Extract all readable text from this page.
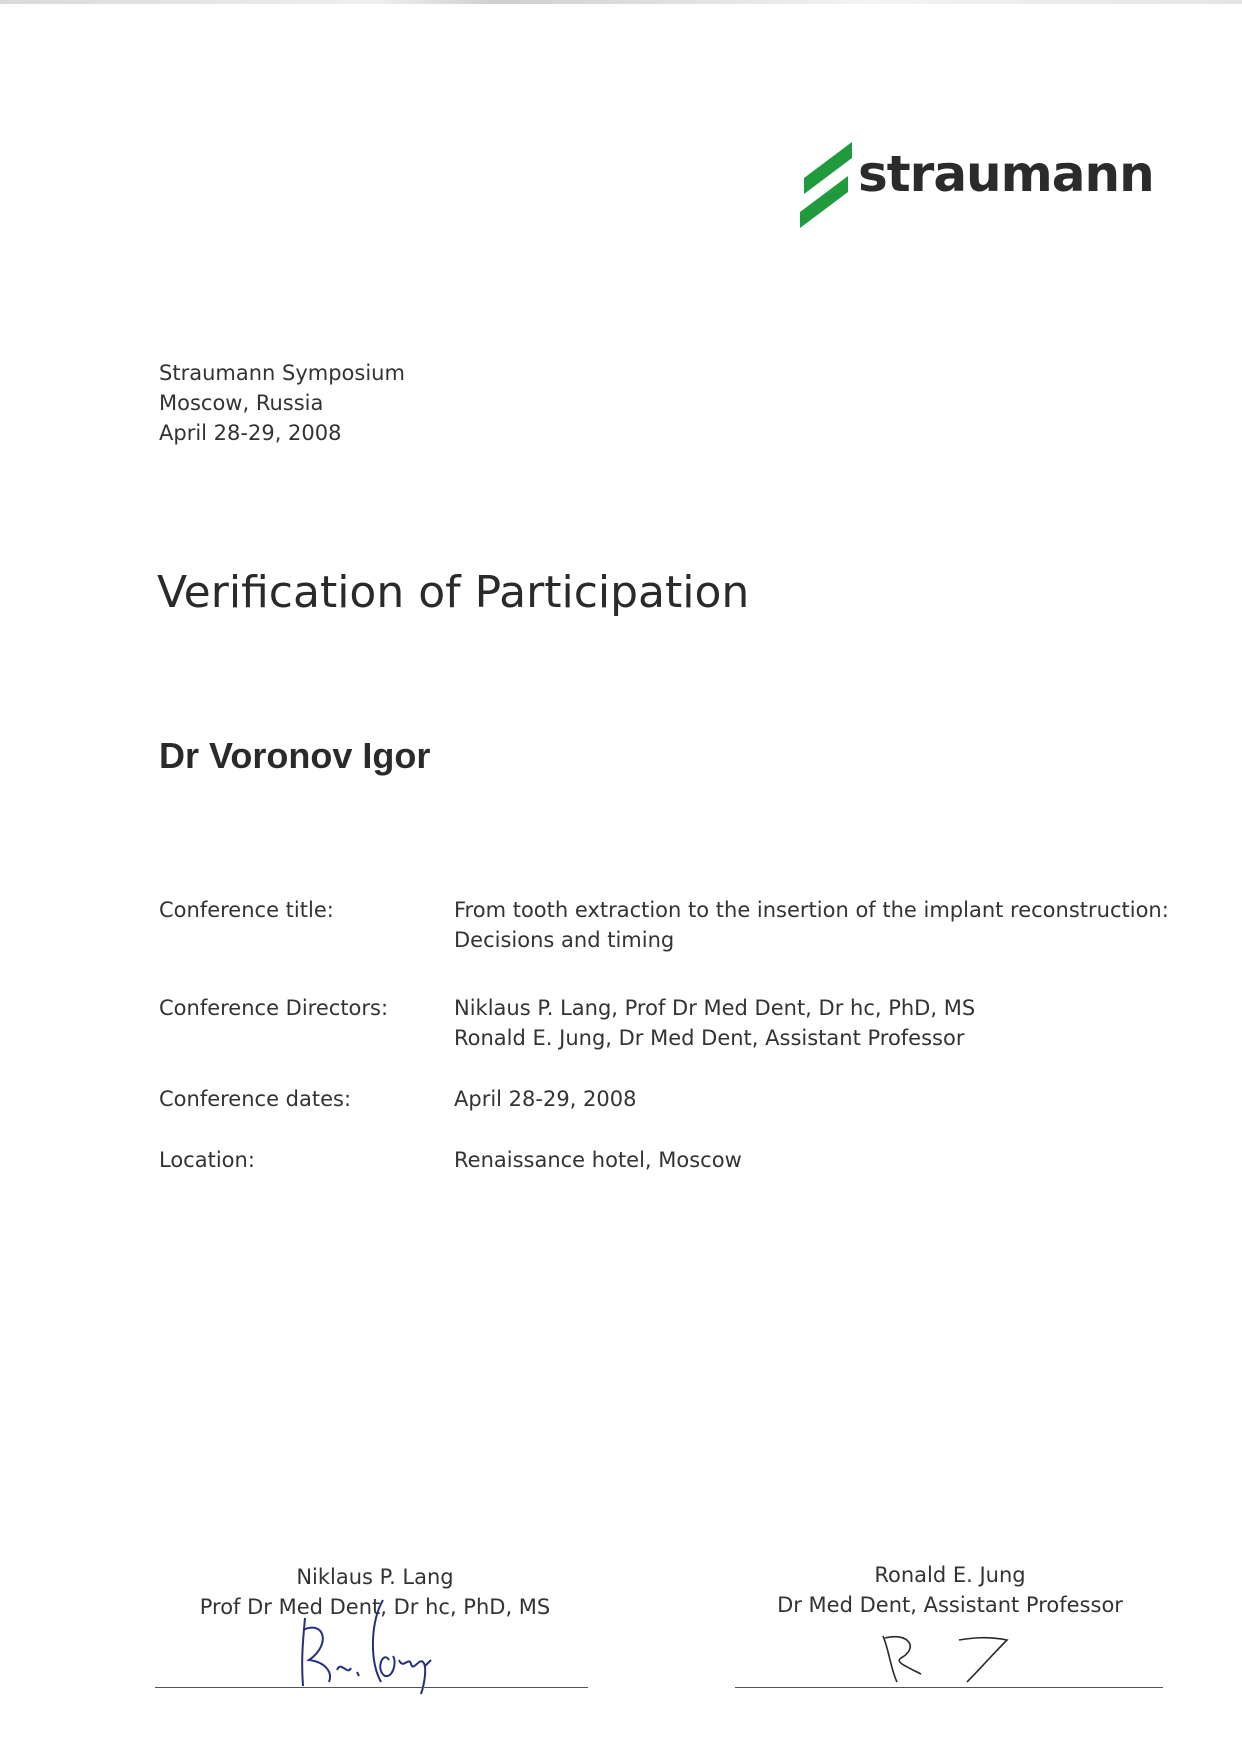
straumann
Straumann Symposium
Moscow, Russia
April 28-29, 2008
Verification of Participation
Dr Voronov Igor
Conference title:	From tooth extraction to the insertion of the implant reconstruction:
Decisions and timing
Conference Directors:	Niklaus P. Lang, Prof Dr Med Dent, Dr hc, PhD, MS
Ronald E. Jung, Dr Med Dent, Assistant Professor
Conference dates:	April 28-29, 2008
Location:	Renaissance hotel, Moscow
Niklaus P. Lang
Prof Dr Med Dent, Dr hc, PhD, MS
Ronald E. Jung
Dr Med Dent, Assistant Professor
